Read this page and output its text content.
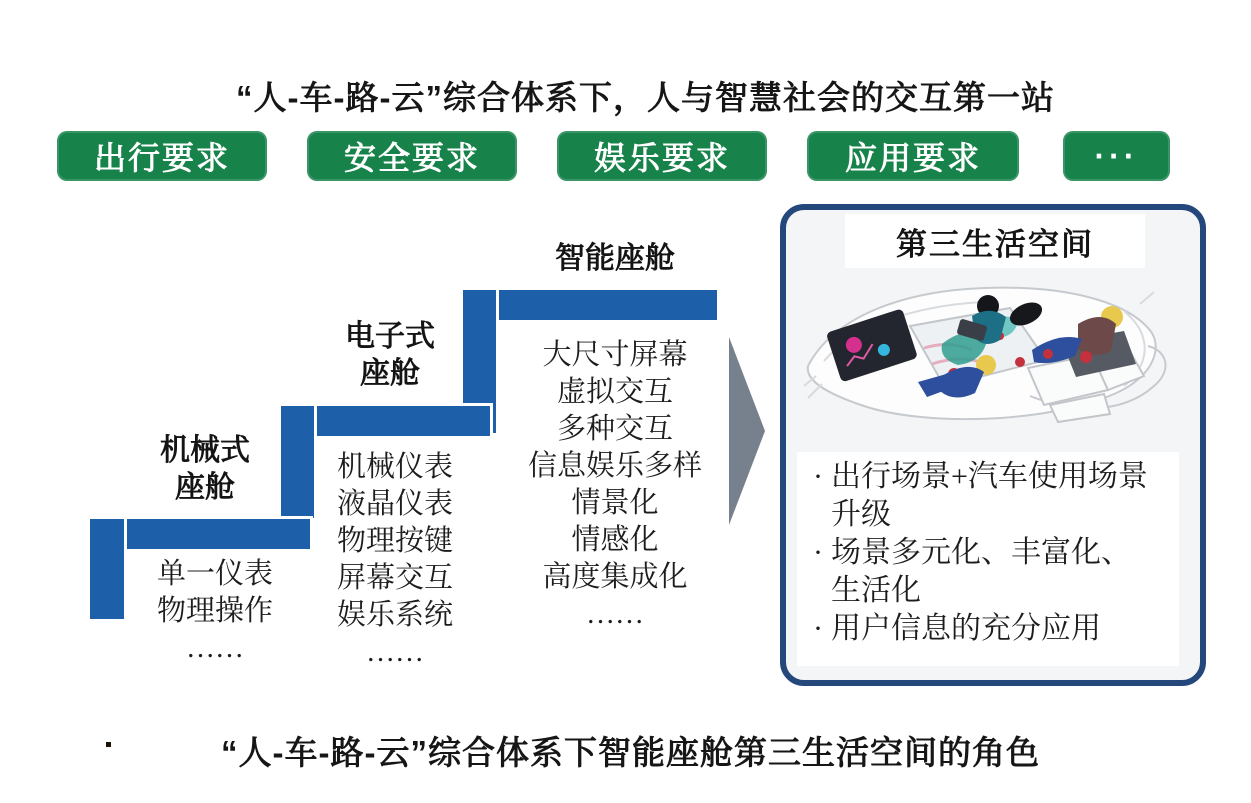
“人-车-路-云”综合体系下，人与智慧社会的交互第一站
出行要求	安全要求	娱乐要求	应用要求	···
机械式
座舱
电子式
座舱
智能座舱
单一仪表
物理操作
……
机械仪表
液晶仪表
物理按键
屏幕交互
娱乐系统
……
大尺寸屏幕
虚拟交互
多种交互
信息娱乐多样
情景化
情感化
高度集成化
……
第三生活空间
· 出行场景+汽车使用场景升级
· 场景多元化、丰富化、生活化
· 用户信息的充分应用
“人-车-路-云”综合体系下智能座舱第三生活空间的角色
